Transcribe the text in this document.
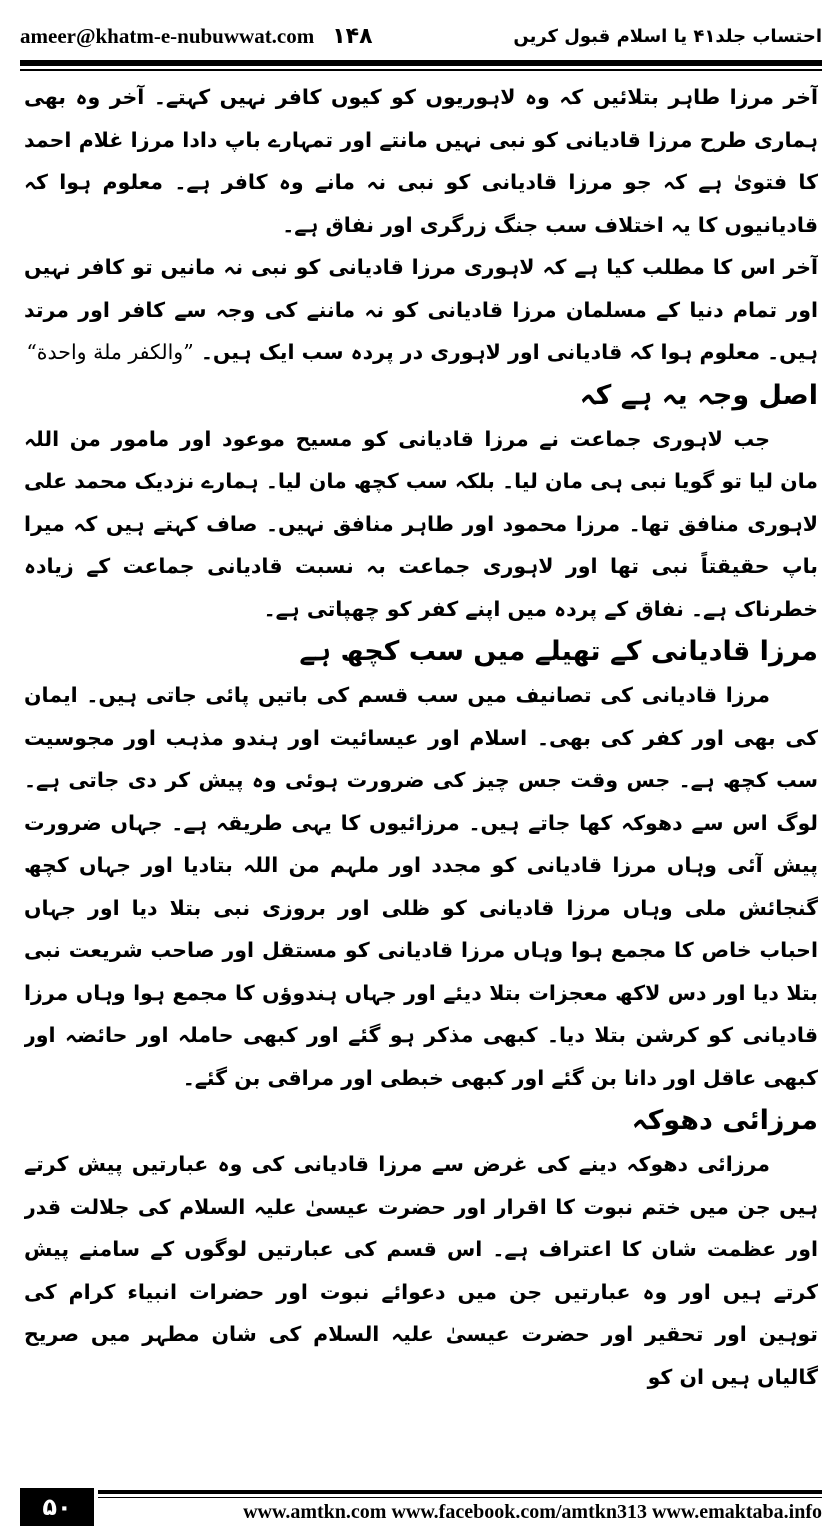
ameer@khatm-e-nubuwwat.com ۱۴۸	احتساب جلد۴۱ یا اسلام قبول کریں

آخر مرزا طاہر بتلائیں کہ وہ لاہوریوں کو کیوں کافر نہیں کہتے۔ آخر وہ بھی ہماری طرح مرزا قادیانی کو نبی نہیں مانتے اور تمہارے باپ دادا مرزا غلام احمد کا فتویٰ ہے کہ جو مرزا قادیانی کو نبی نہ مانے وہ کافر ہے۔ معلوم ہوا کہ قادیانیوں کا یہ اختلاف سب جنگ زرگری اور نفاق ہے۔

آخر اس کا مطلب کیا ہے کہ لاہوری مرزا قادیانی کو نبی نہ مانیں تو کافر نہیں اور تمام دنیا کے مسلمان مرزا قادیانی کو نہ ماننے کی وجہ سے کافر اور مرتد ہیں۔ معلوم ہوا کہ قادیانی اور لاہوری در پردہ سب ایک ہیں۔ ”والکفر ملة واحدة“

اصل وجہ یہ ہے کہ

جب لاہوری جماعت نے مرزا قادیانی کو مسیح موعود اور مامور من اللہ مان لیا تو گویا نبی ہی مان لیا۔ بلکہ سب کچھ مان لیا۔ ہمارے نزدیک محمد علی لاہوری منافق تھا۔ مرزا محمود اور طاہر منافق نہیں۔ صاف کہتے ہیں کہ میرا باپ حقیقتاً نبی تھا اور لاہوری جماعت بہ نسبت قادیانی جماعت کے زیادہ خطرناک ہے۔ نفاق کے پردہ میں اپنے کفر کو چھپاتی ہے۔

مرزا قادیانی کے تھیلے میں سب کچھ ہے

مرزا قادیانی کی تصانیف میں سب قسم کی باتیں پائی جاتی ہیں۔ ایمان کی بھی اور کفر کی بھی۔ اسلام اور عیسائیت اور ہندو مذہب اور مجوسیت سب کچھ ہے۔ جس وقت جس چیز کی ضرورت ہوئی وہ پیش کر دی جاتی ہے۔ لوگ اس سے دھوکہ کھا جاتے ہیں۔ مرزائیوں کا یہی طریقہ ہے۔ جہاں ضرورت پیش آئی وہاں مرزا قادیانی کو مجدد اور ملہم من اللہ بتادیا اور جہاں کچھ گنجائش ملی وہاں مرزا قادیانی کو ظلی اور بروزی نبی بتلا دیا اور جہاں احباب خاص کا مجمع ہوا وہاں مرزا قادیانی کو مستقل اور صاحب شریعت نبی بتلا دیا اور دس لاکھ معجزات بتلا دیئے اور جہاں ہندوؤں کا مجمع ہوا وہاں مرزا قادیانی کو کرشن بتلا دیا۔ کبھی مذکر ہو گئے اور کبھی حاملہ اور حائضہ اور کبھی عاقل اور دانا بن گئے اور کبھی خبطی اور مراقی بن گئے۔

مرزائی دھوکہ

مرزائی دھوکہ دینے کی غرض سے مرزا قادیانی کی وہ عبارتیں پیش کرتے ہیں جن میں ختم نبوت کا اقرار اور حضرت عیسیٰ علیہ السلام کی جلالت قدر اور عظمت شان کا اعتراف ہے۔ اس قسم کی عبارتیں لوگوں کے سامنے پیش کرتے ہیں اور وہ عبارتیں جن میں دعوائے نبوت اور حضرات انبیاء کرام کی توہین اور تحقیر اور حضرت عیسیٰ علیہ السلام کی شان مطہر میں صریح گالیاں ہیں ان کو

۵۰	www.amtkn.com www.facebook.com/amtkn313 www.emaktaba.info
